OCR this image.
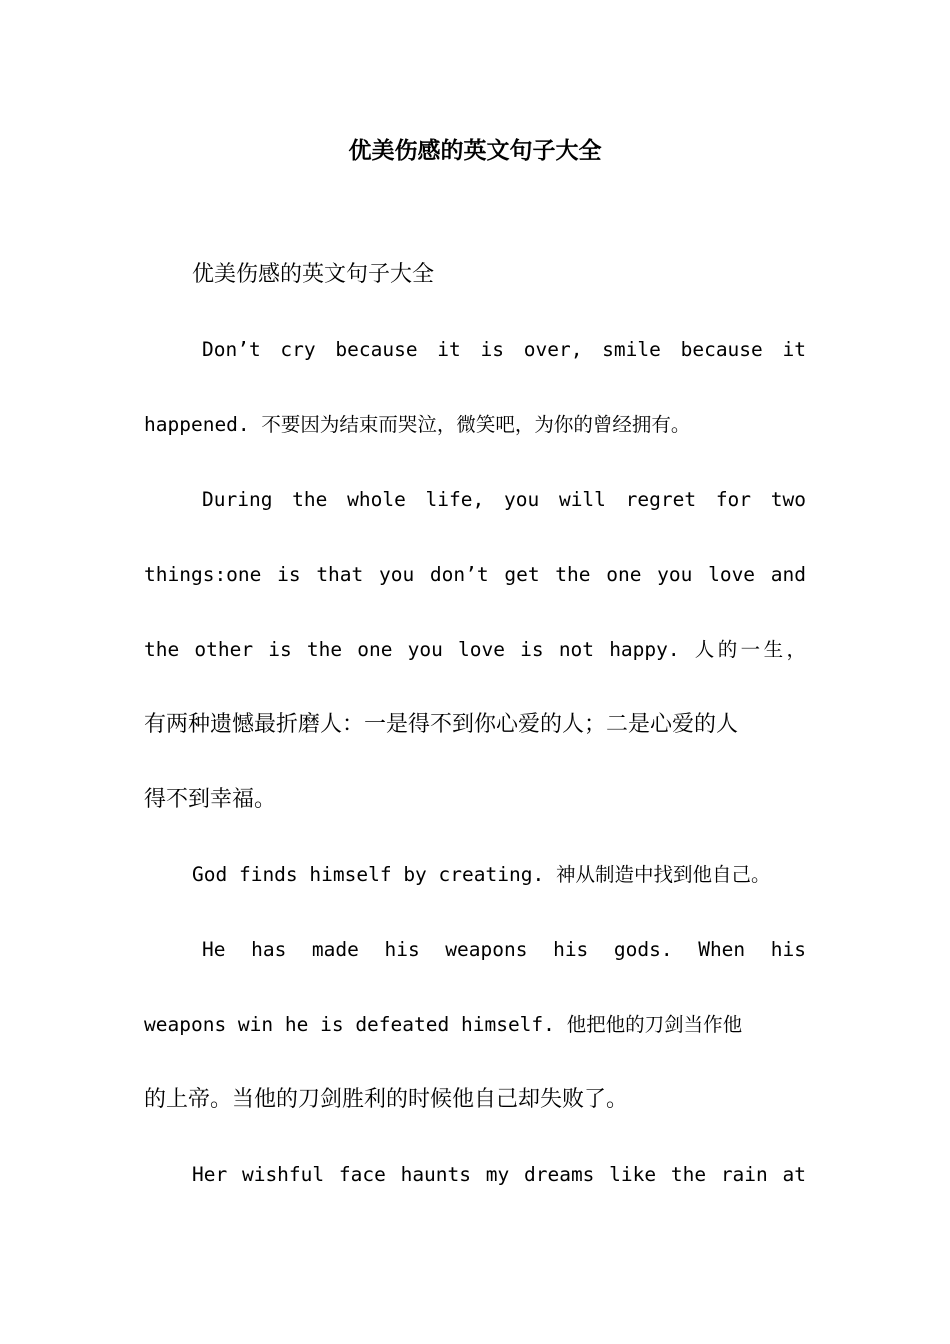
优美伤感的英文句子大全
优美伤感的英文句子大全
Don’t cry because it is over, smile because it
happened. 不要因为结束而哭泣，微笑吧，为你的曾经拥有。
During the whole life, you will regret for two
things:one is that you don’t get the one you love and
the other is the one you love is not happy. 人的一生，
有两种遗憾最折磨人：一是得不到你心爱的人；二是心爱的人
得不到幸福。
God finds himself by creating. 神从制造中找到他自己。
He has made his weapons his gods. When his
weapons win he is defeated himself. 他把他的刀剑当作他
的上帝。当他的刀剑胜利的时候他自己却失败了。
Her wishful face haunts my dreams like the rain at
